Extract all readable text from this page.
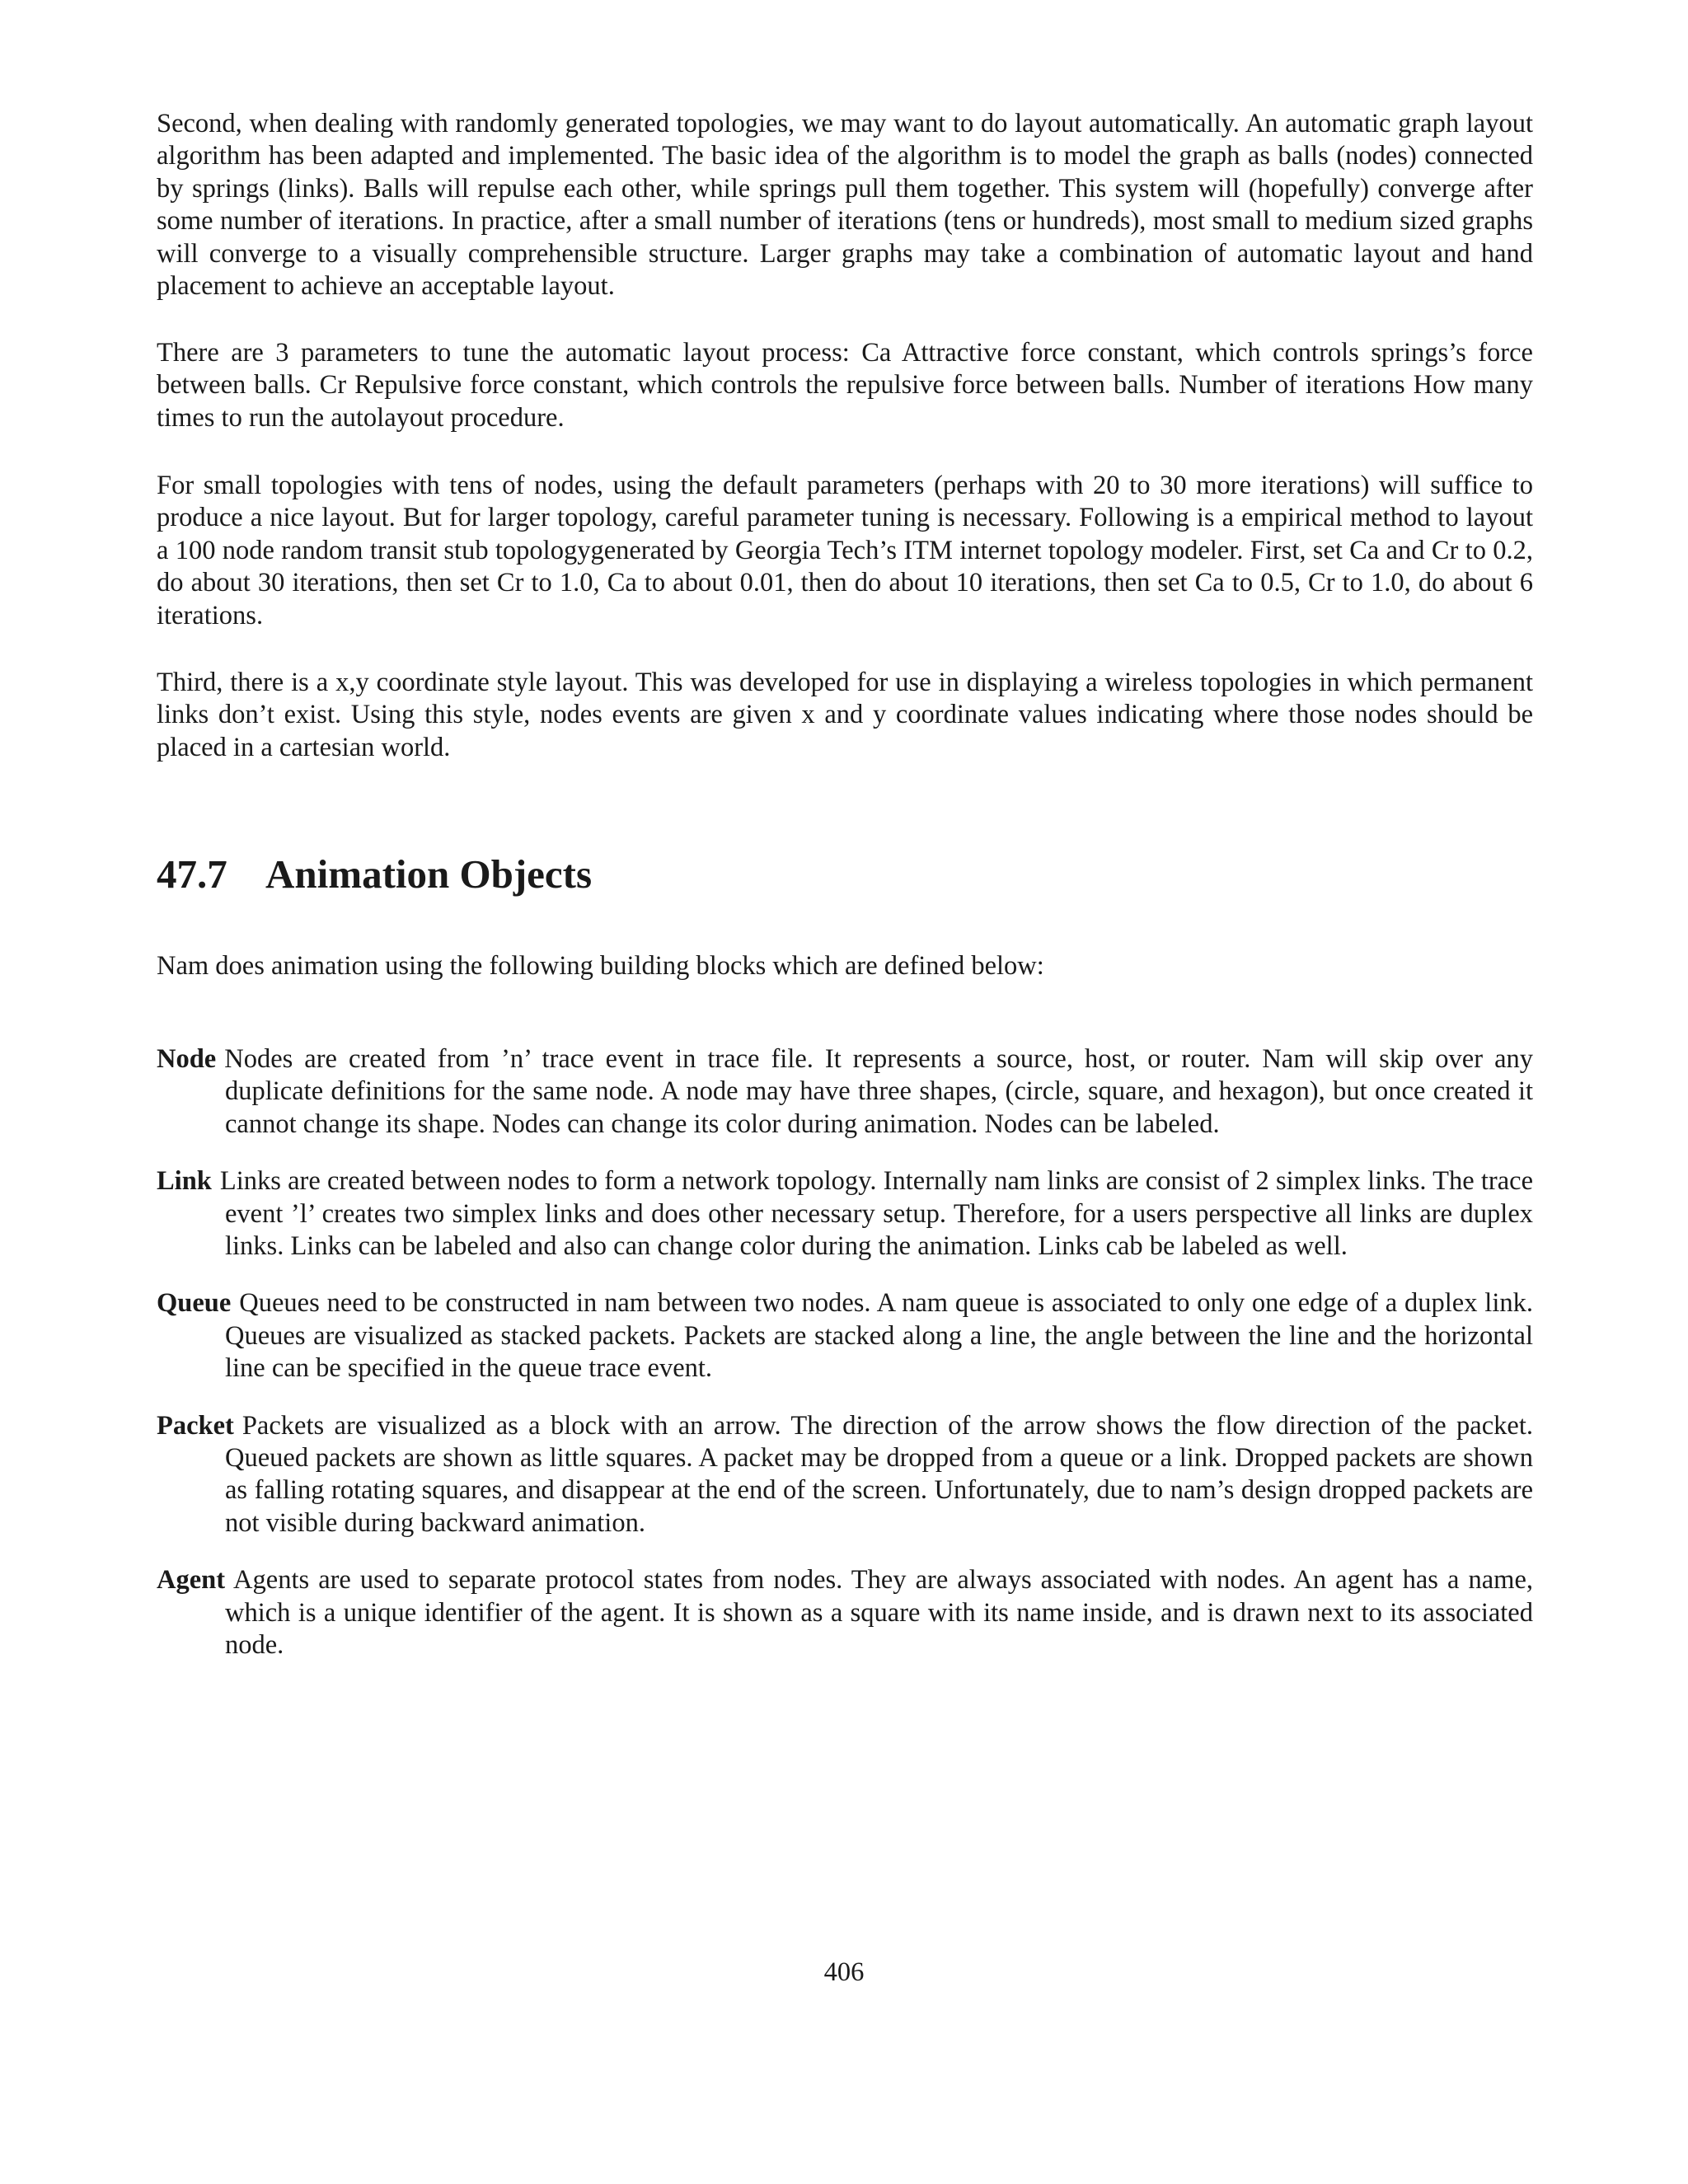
Second, when dealing with randomly generated topologies, we may want to do layout automatically. An automatic graph layout algorithm has been adapted and implemented. The basic idea of the algorithm is to model the graph as balls (nodes) connected by springs (links). Balls will repulse each other, while springs pull them together. This system will (hopefully) converge after some number of iterations. In practice, after a small number of iterations (tens or hundreds), most small to medium sized graphs will converge to a visually comprehensible structure. Larger graphs may take a combination of automatic layout and hand placement to achieve an acceptable layout.

There are 3 parameters to tune the automatic layout process: Ca Attractive force constant, which controls springs’s force between balls. Cr Repulsive force constant, which controls the repulsive force between balls. Number of iterations How many times to run the autolayout procedure.

For small topologies with tens of nodes, using the default parameters (perhaps with 20 to 30 more iterations) will suffice to produce a nice layout. But for larger topology, careful parameter tuning is necessary. Following is a empirical method to layout a 100 node random transit stub topologygenerated by Georgia Tech’s ITM internet topology modeler. First, set Ca and Cr to 0.2, do about 30 iterations, then set Cr to 1.0, Ca to about 0.01, then do about 10 iterations, then set Ca to 0.5, Cr to 1.0, do about 6 iterations.

Third, there is a x,y coordinate style layout. This was developed for use in displaying a wireless topologies in which permanent links don’t exist. Using this style, nodes events are given x and y coordinate values indicating where those nodes should be placed in a cartesian world.

47.7 Animation Objects

Nam does animation using the following building blocks which are defined below:

Node Nodes are created from ’n’ trace event in trace file. It represents a source, host, or router. Nam will skip over any duplicate definitions for the same node. A node may have three shapes, (circle, square, and hexagon), but once created it cannot change its shape. Nodes can change its color during animation. Nodes can be labeled.

Link Links are created between nodes to form a network topology. Internally nam links are consist of 2 simplex links. The trace event ’l’ creates two simplex links and does other necessary setup. Therefore, for a users perspective all links are duplex links. Links can be labeled and also can change color during the animation. Links cab be labeled as well.

Queue Queues need to be constructed in nam between two nodes. A nam queue is associated to only one edge of a duplex link. Queues are visualized as stacked packets. Packets are stacked along a line, the angle between the line and the horizontal line can be specified in the queue trace event.

Packet Packets are visualized as a block with an arrow. The direction of the arrow shows the flow direction of the packet. Queued packets are shown as little squares. A packet may be dropped from a queue or a link. Dropped packets are shown as falling rotating squares, and disappear at the end of the screen. Unfortunately, due to nam’s design dropped packets are not visible during backward animation.

Agent Agents are used to separate protocol states from nodes. They are always associated with nodes. An agent has a name, which is a unique identifier of the agent. It is shown as a square with its name inside, and is drawn next to its associated node.

406
